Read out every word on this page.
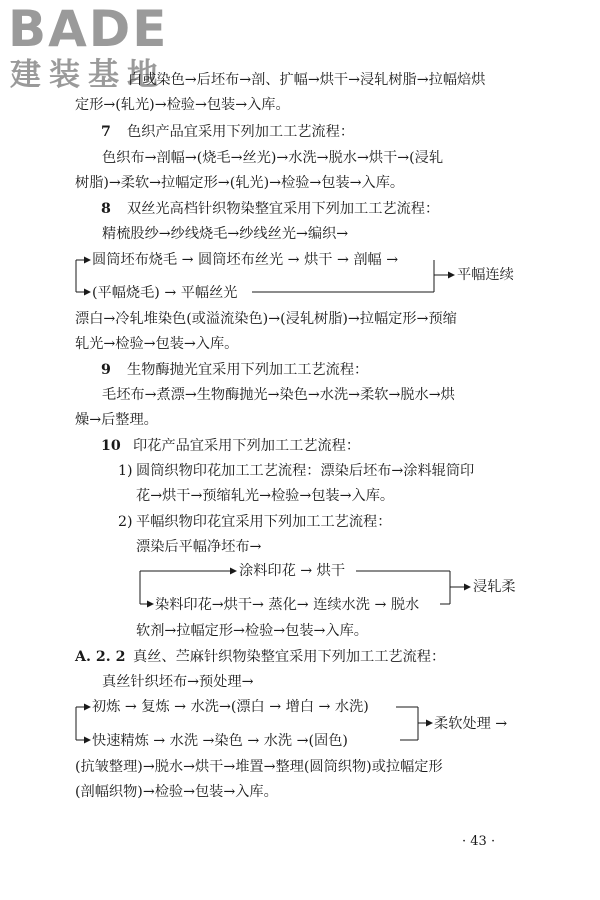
BADE
建装基地
白或染色→后坯布→剖、扩幅→烘干→浸轧树脂→拉幅焙烘
定形→(轧光)→检验→包装→入库。
7 色织产品宜采用下列加工工艺流程：
色织布→剖幅→(烧毛→丝光)→水洗→脱水→烘干→(浸轧
树脂)→柔软→拉幅定形→(轧光)→检验→包装→入库。
8 双丝光高档针织物染整宜采用下列加工工艺流程：
精梳股纱→纱线烧毛→纱线丝光→编织→
圆筒坯布烧毛 → 圆筒坯布丝光 → 烘干 → 剖幅 →
(平幅烧毛) → 平幅丝光
平幅连续
漂白→冷轧堆染色(或溢流染色)→(浸轧树脂)→拉幅定形→预缩
轧光→检验→包装→入库。
9 生物酶抛光宜采用下列加工工艺流程：
毛坯布→煮漂→生物酶抛光→染色→水洗→柔软→脱水→烘
燥→后整理。
10 印花产品宜采用下列加工工艺流程：
1) 圆筒织物印花加工工艺流程：漂染后坯布→涂料辊筒印
花→烘干→预缩轧光→检验→包装→入库。
2) 平幅织物印花宜采用下列加工工艺流程：
漂染后平幅净坯布→
涂料印花 → 烘干
染料印花→烘干→ 蒸化→ 连续水洗 → 脱水
浸轧柔
软剂→拉幅定形→检验→包装→入库。
A. 2. 2 真丝、苎麻针织物染整宜采用下列加工工艺流程：
真丝针织坯布→预处理→
初炼 → 复炼 → 水洗→(漂白 → 增白 → 水洗)
快速精炼 → 水洗 →染色 → 水洗 →(固色)
柔软处理 →
(抗皱整理)→脱水→烘干→堆置→整理(圆筒织物)或拉幅定形
(剖幅织物)→检验→包装→入库。
· 43 ·
